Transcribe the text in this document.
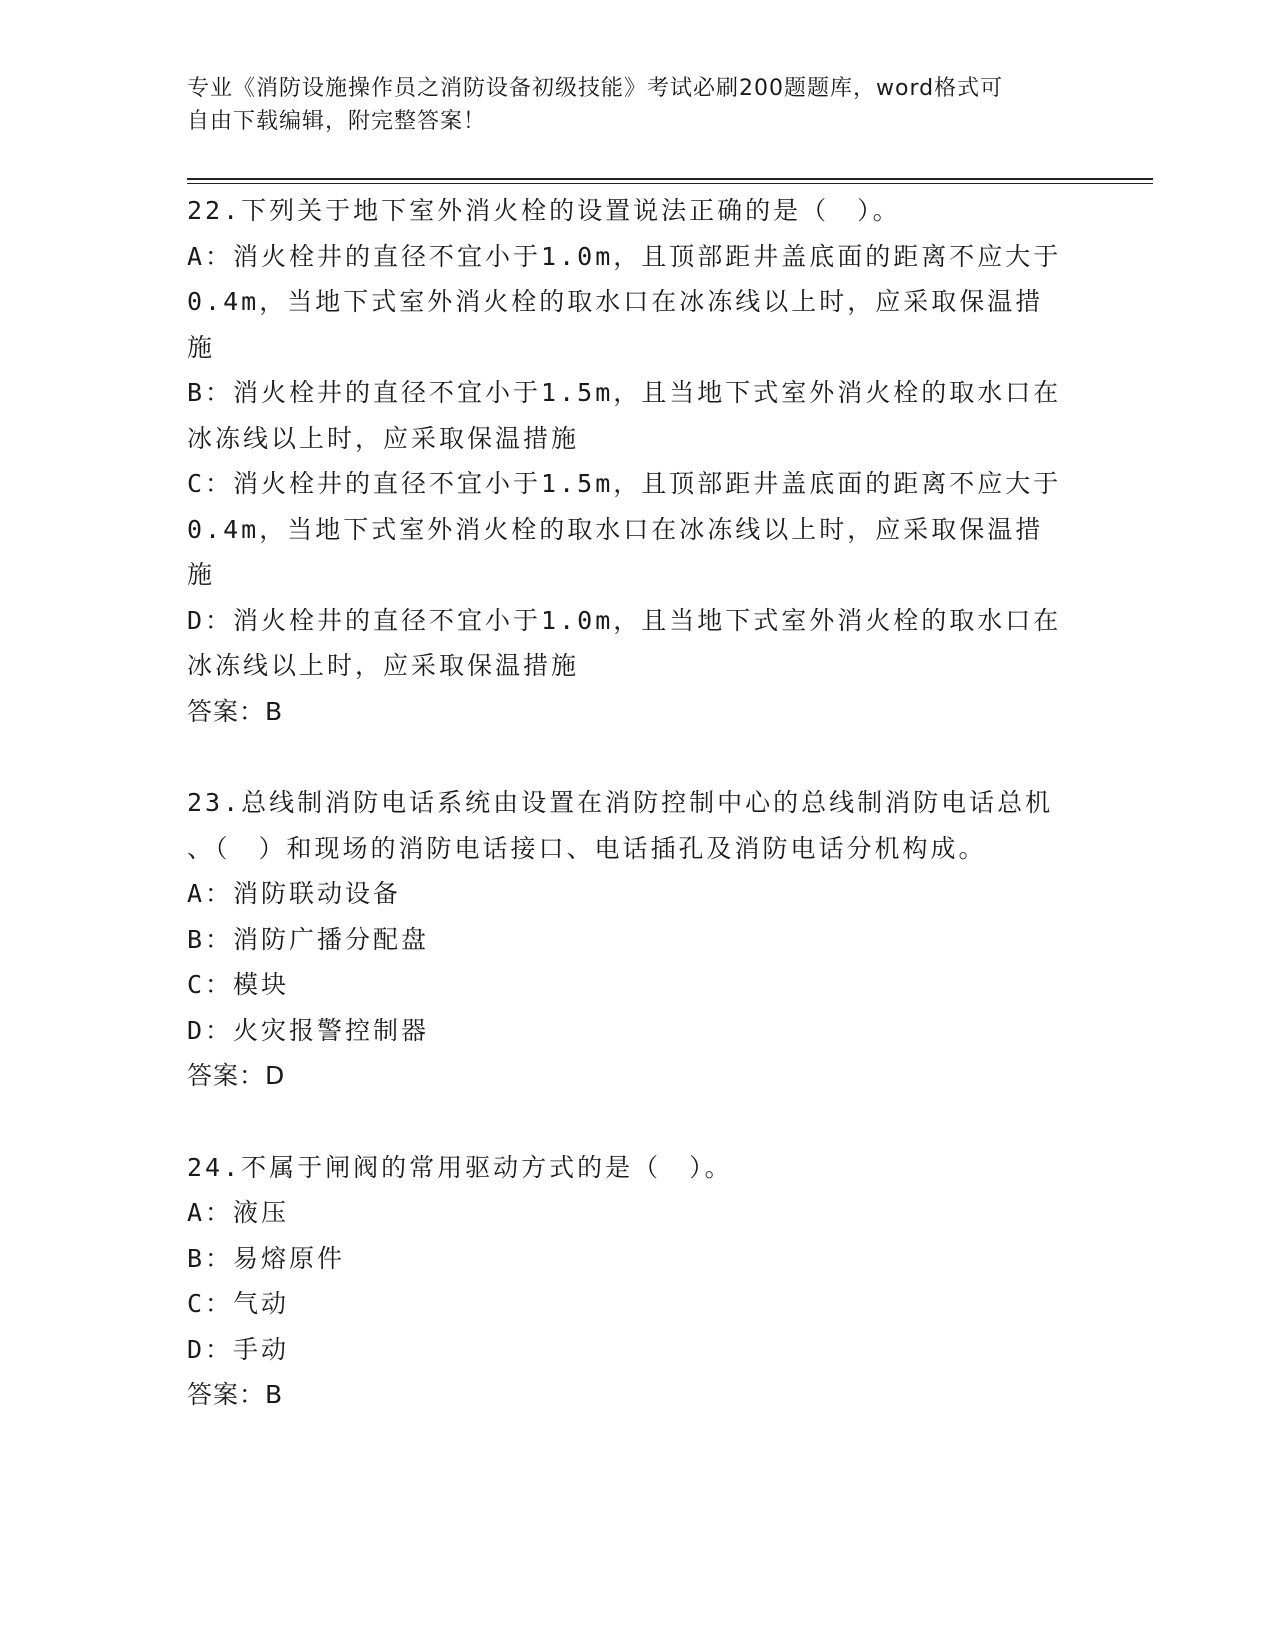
专业《消防设施操作员之消防设备初级技能》考试必刷200题题库，word格式可
自由下载编辑，附完整答案！
22.下列关于地下室外消火栓的设置说法正确的是（　）。
A：消火栓井的直径不宜小于1.0m，且顶部距井盖底面的距离不应大于
0.4m，当地下式室外消火栓的取水口在冰冻线以上时，应采取保温措
施
B：消火栓井的直径不宜小于1.5m，且当地下式室外消火栓的取水口在
冰冻线以上时，应采取保温措施
C：消火栓井的直径不宜小于1.5m，且顶部距井盖底面的距离不应大于
0.4m，当地下式室外消火栓的取水口在冰冻线以上时，应采取保温措
施
D：消火栓井的直径不宜小于1.0m，且当地下式室外消火栓的取水口在
冰冻线以上时，应采取保温措施
答案：B
23.总线制消防电话系统由设置在消防控制中心的总线制消防电话总机
、（　）和现场的消防电话接口、电话插孔及消防电话分机构成。
A：消防联动设备
B：消防广播分配盘
C：模块
D：火灾报警控制器
答案：D
24.不属于闸阀的常用驱动方式的是（　）。
A：液压
B：易熔原件
C：气动
D：手动
答案：B
